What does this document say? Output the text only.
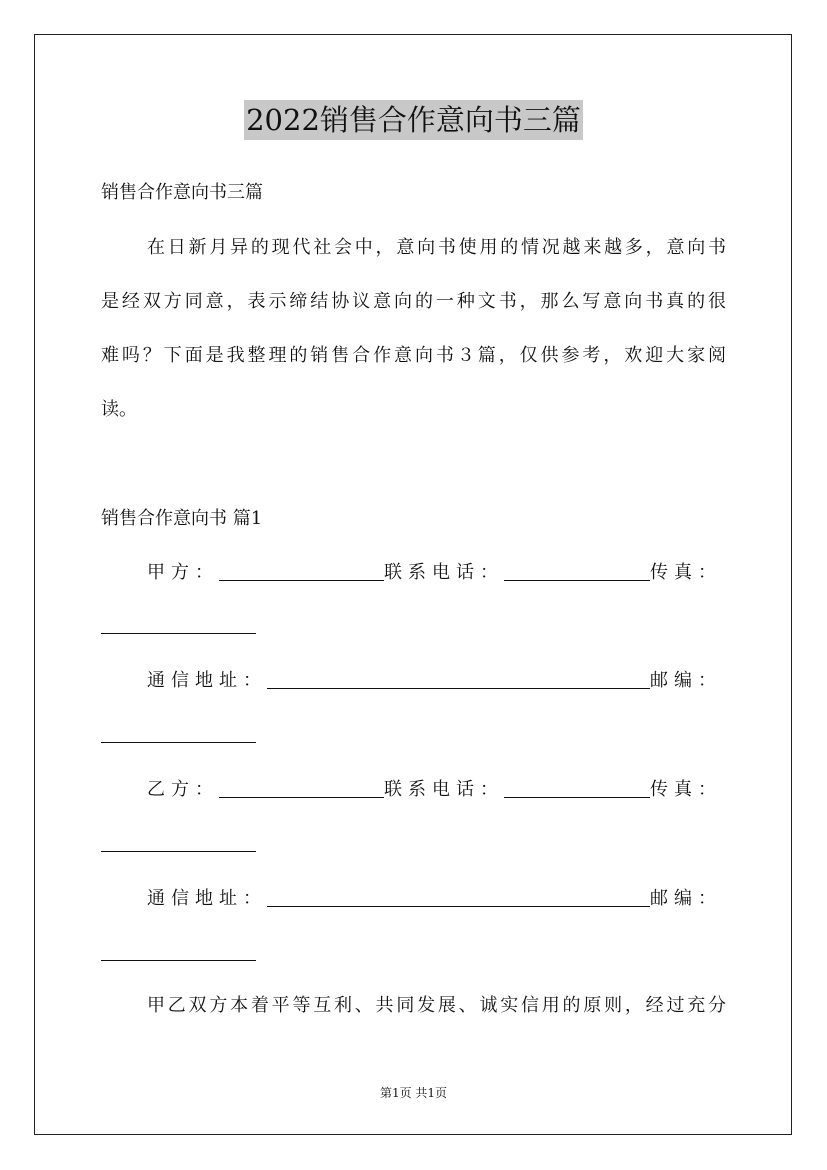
2022销售合作意向书三篇
销售合作意向书三篇
在日新月异的现代社会中，意向书使用的情况越来越多，意向书
是经双方同意，表示缔结协议意向的一种文书，那么写意向书真的很
难吗？下面是我整理的销售合作意向书３篇，仅供参考，欢迎大家阅
读。
销售合作意向书 篇1
甲方：	联系电话：	传真：
通信地址：	邮编：
乙方：	联系电话：	传真：
通信地址：	邮编：
甲乙双方本着平等互利、共同发展、诚实信用的原则，经过充分
第1页 共1页
